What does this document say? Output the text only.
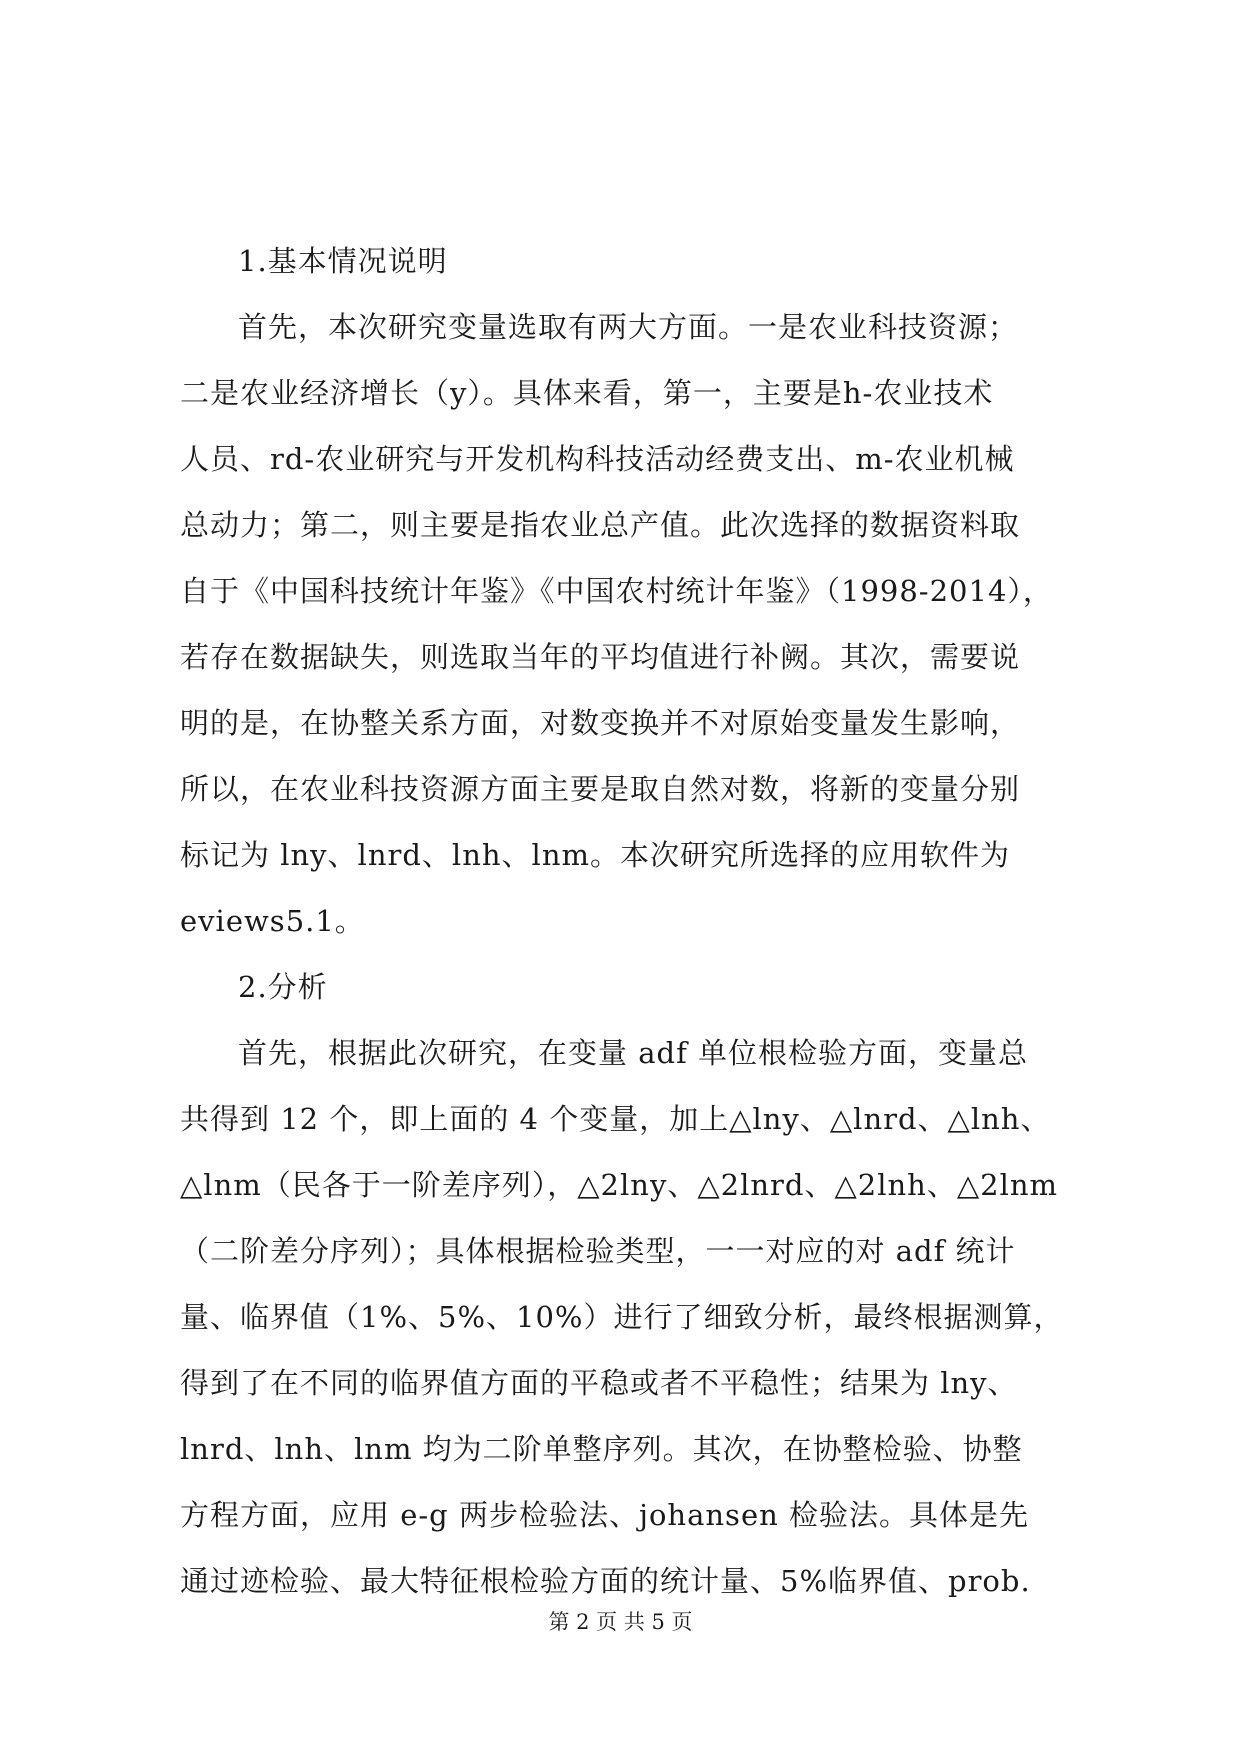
1.基本情况说明
首先，本次研究变量选取有两大方面。一是农业科技资源；
二是农业经济增长（y）。具体来看，第一，主要是h-农业技术
人员、rd-农业研究与开发机构科技活动经费支出、m-农业机械
总动力；第二，则主要是指农业总产值。此次选择的数据资料取
自于《中国科技统计年鉴》《中国农村统计年鉴》（1998-2014），
若存在数据缺失，则选取当年的平均值进行补阙。其次，需要说
明的是，在协整关系方面，对数变换并不对原始变量发生影响，
所以，在农业科技资源方面主要是取自然对数，将新的变量分别
标记为 lny、lnrd、lnh、lnm。本次研究所选择的应用软件为
eviews5.1。
2.分析
首先，根据此次研究，在变量 adf 单位根检验方面，变量总
共得到 12 个，即上面的 4 个变量，加上△lny、△lnrd、△lnh、
△lnm（民各于一阶差序列），△2lny、△2lnrd、△2lnh、△2lnm
（二阶差分序列）；具体根据检验类型，一一对应的对 adf 统计
量、临界值（1%、5%、10%）进行了细致分析，最终根据测算，
得到了在不同的临界值方面的平稳或者不平稳性；结果为 lny、
lnrd、lnh、lnm 均为二阶单整序列。其次，在协整检验、协整
方程方面，应用 e-g 两步检验法、johansen 检验法。具体是先
通过迹检验、最大特征根检验方面的统计量、5%临界值、prob.
第 2 页 共 5 页
